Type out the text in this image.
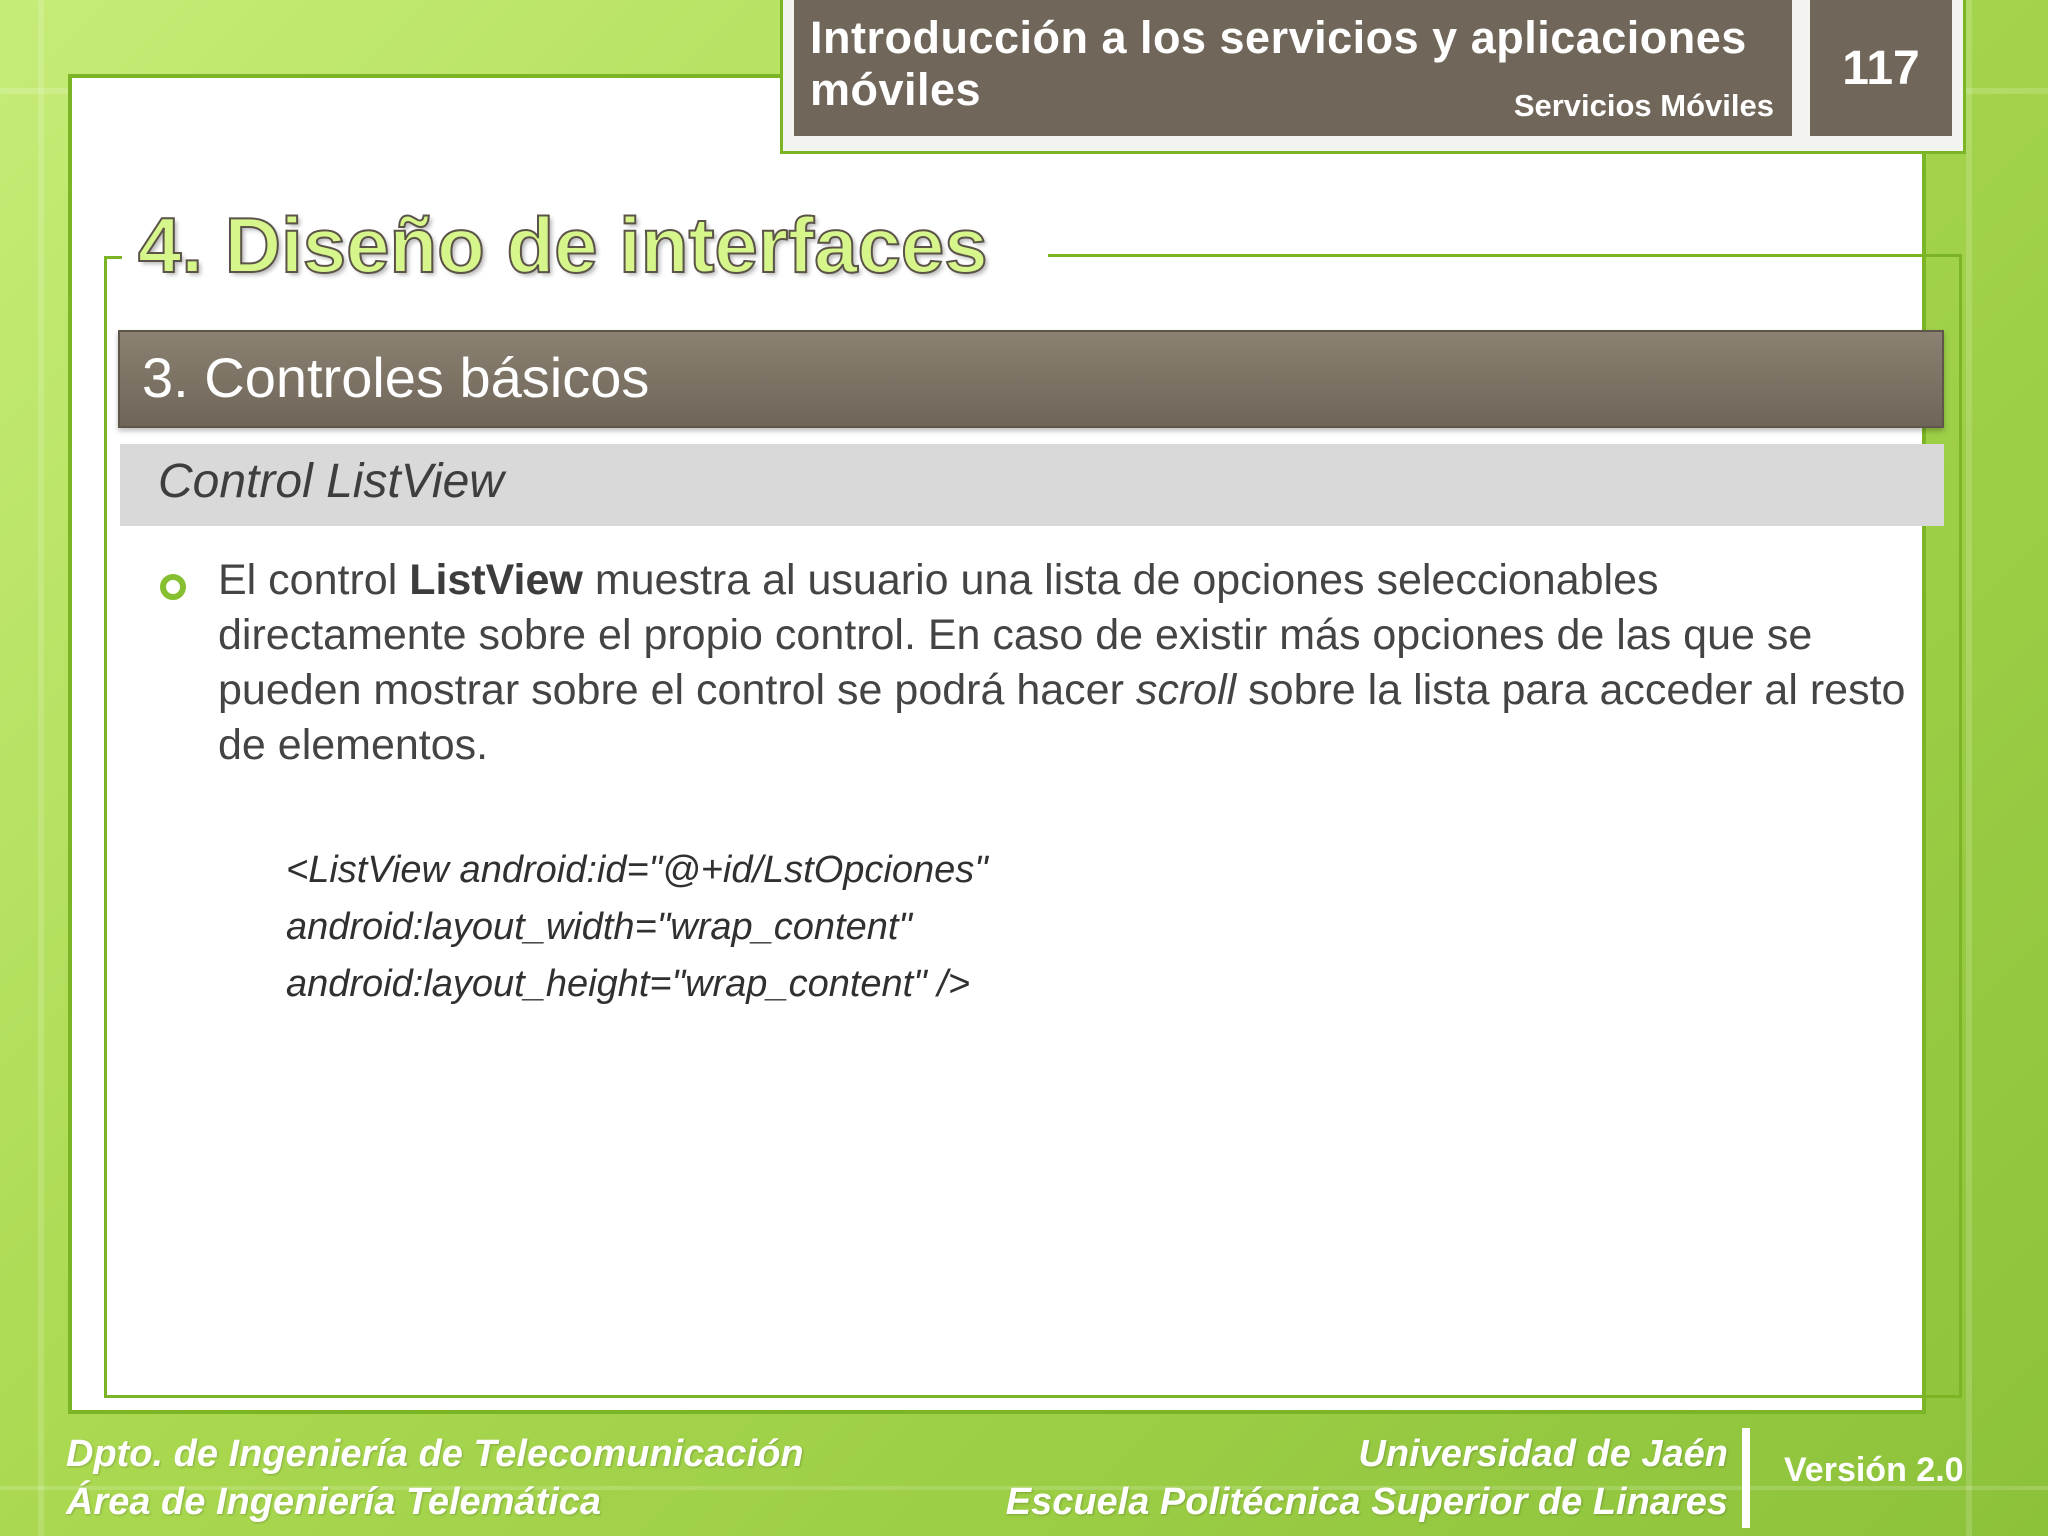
Introducción a los servicios y aplicaciones móviles	Servicios Móviles
117
4. Diseño de interfaces
3. Controles básicos
Control ListView
El control ListView muestra al usuario una lista de opciones seleccionables directamente sobre el propio control. En caso de existir más opciones de las que se pueden mostrar sobre el control se podrá hacer scroll sobre la lista para acceder al resto de elementos.
<ListView android:id="@+id/LstOpciones"
android:layout_width="wrap_content"
android:layout_height="wrap_content" />
Dpto. de Ingeniería de Telecomunicación
Área de Ingeniería Telemática
Universidad de Jaén
Escuela Politécnica Superior de Linares
Versión 2.0
